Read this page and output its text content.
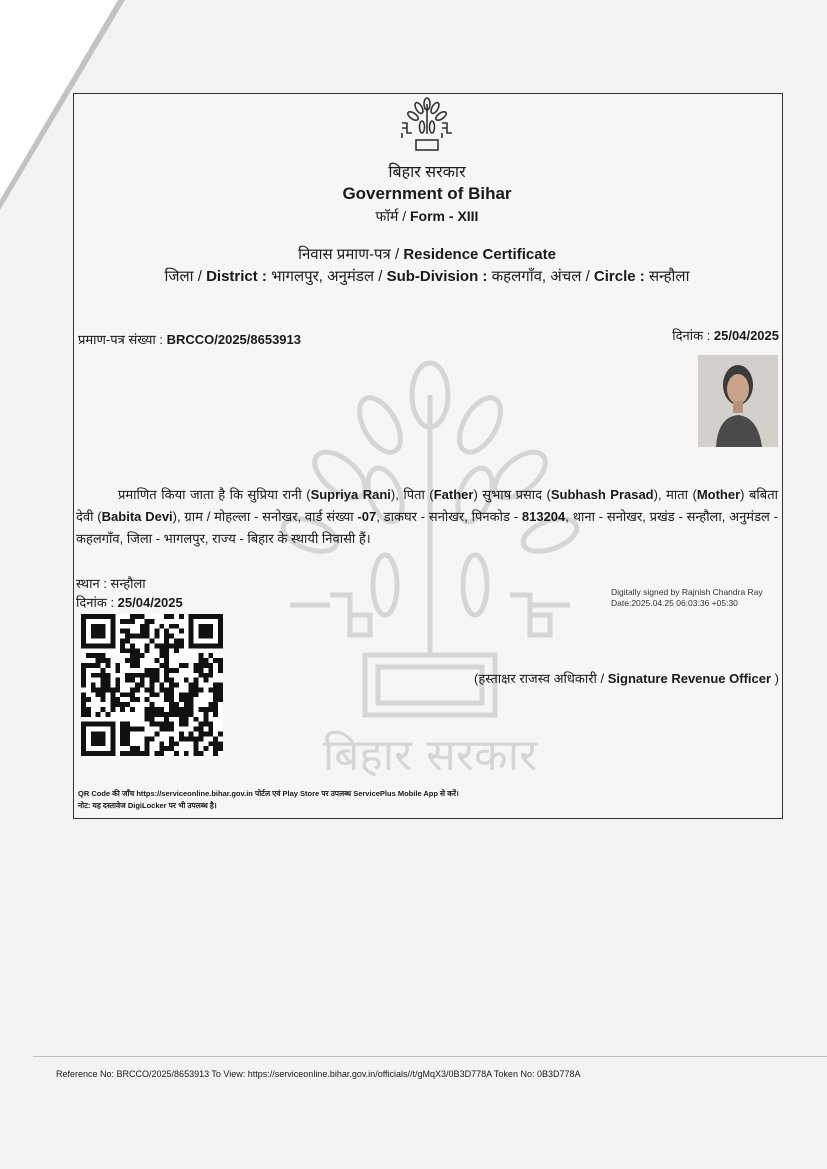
बिहार सरकार
बिहार सरकार
Government of Bihar
फॉर्म / Form - XIII
निवास प्रमाण-पत्र / Residence Certificate
जिला / District : भागलपुर, अनुमंडल / Sub-Division : कहलगाँव, अंचल / Circle : सन्हौला
प्रमाण-पत्र संख्या : BRCCO/2025/8653913	दिनांक : 25/04/2025
प्रमाणित किया जाता है कि सुप्रिया रानी (Supriya Rani), पिता (Father) सुभाष प्रसाद (Subhash Prasad), माता (Mother) बबिता देवी (Babita Devi), ग्राम / मोहल्ला - सनोखर, वार्ड संख्या -07, डाकघर - सनोखर, पिनकोड - 813204, थाना - सनोखर, प्रखंड - सन्हौला, अनुमंडल - कहलगाँव, जिला - भागलपुर, राज्य - बिहार के स्थायी निवासी हैं।
स्थान : सन्हौला
दिनांक : 25/04/2025
Digitally signed by Rajnish Chandra Ray
Date:2025.04.25 06:03:36 +05:30
(हस्ताक्षर राजस्व अधिकारी / Signature Revenue Officer )
QR Code की जाँच https://serviceonline.bihar.gov.in पोर्टल एवं Play Store पर उपलब्ध ServicePlus Mobile App से करें।
नोट: यह दस्तावेज DigiLocker पर भी उपलब्ध है।
Reference No: BRCCO/2025/8653913 To View: https://serviceonline.bihar.gov.in/officials//t/gMqX3/0B3D778A Token No: 0B3D778A
